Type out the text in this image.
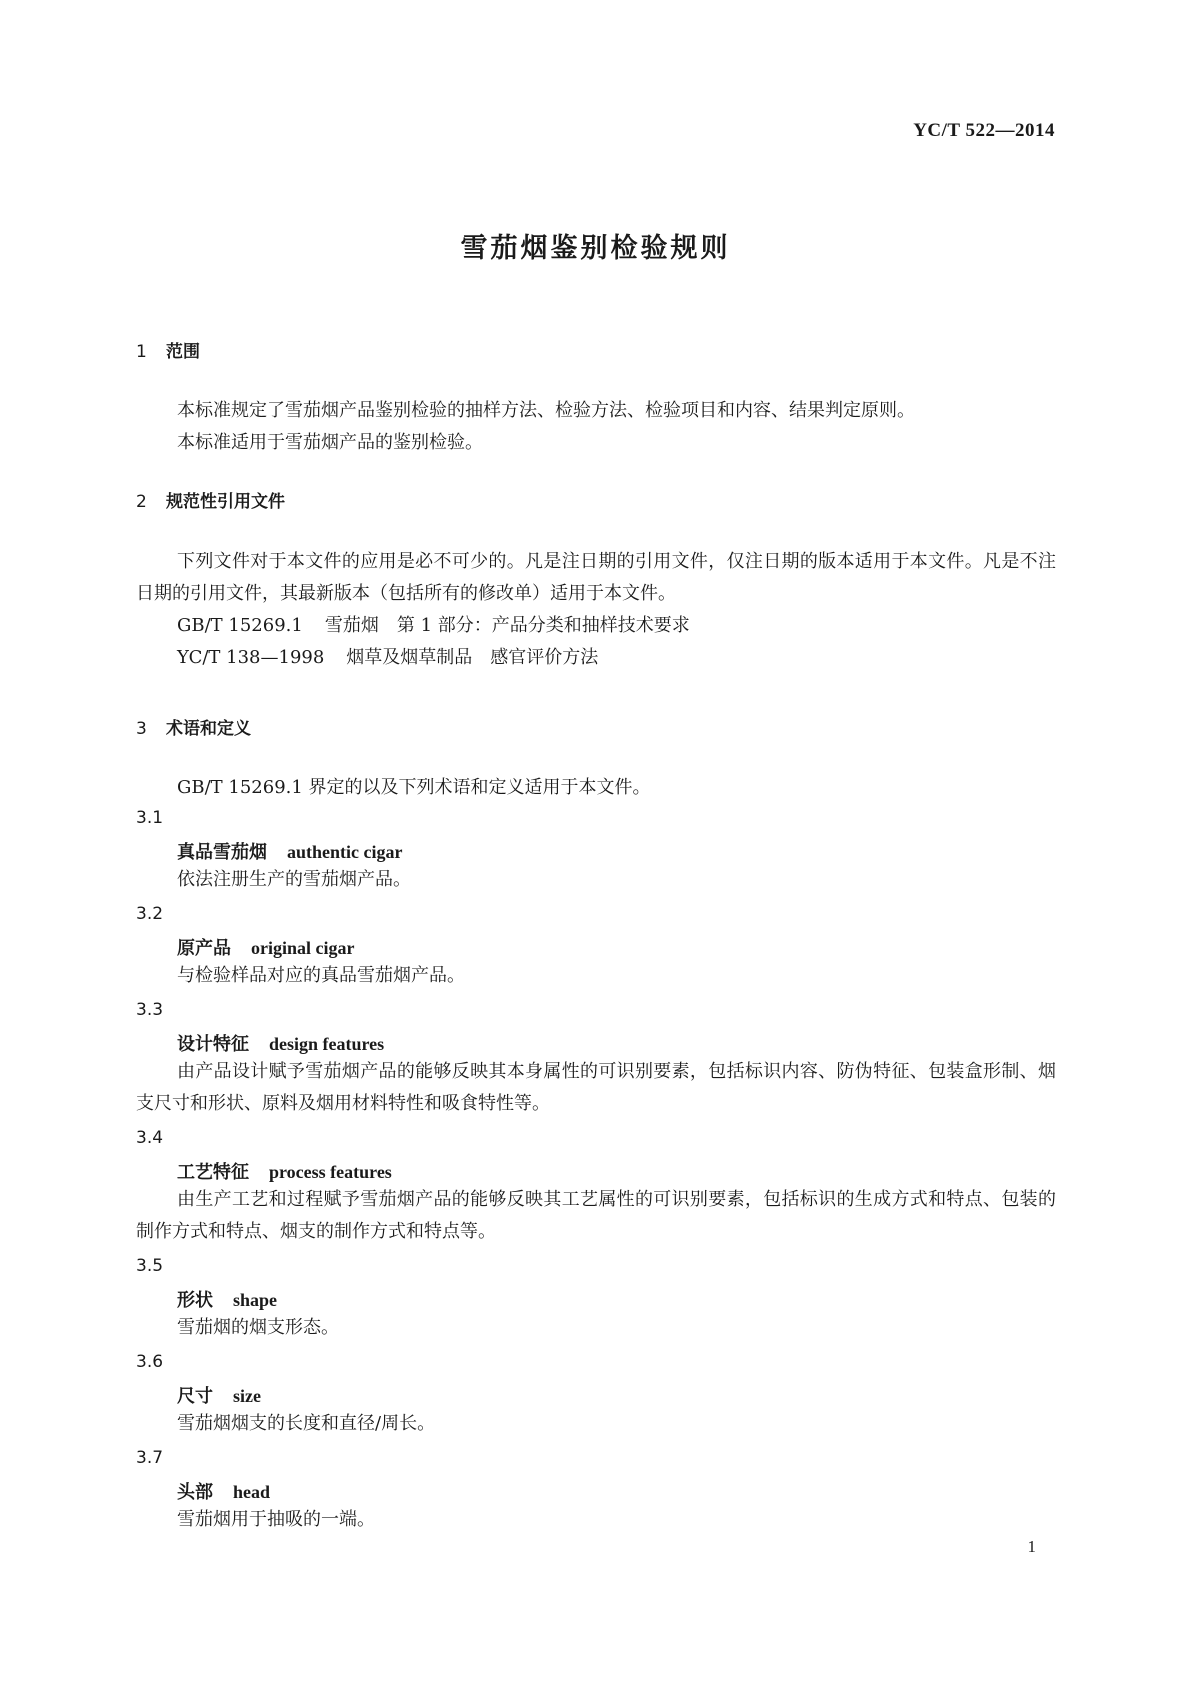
YC/T 522—2014
雪茄烟鉴别检验规则
1 范围
本标准规定了雪茄烟产品鉴别检验的抽样方法、检验方法、检验项目和内容、结果判定原则。
本标准适用于雪茄烟产品的鉴别检验。
2 规范性引用文件
下列文件对于本文件的应用是必不可少的。凡是注日期的引用文件，仅注日期的版本适用于本文件。凡是不注日期的引用文件，其最新版本（包括所有的修改单）适用于本文件。
GB/T 15269.1 雪茄烟　第 1 部分：产品分类和抽样技术要求
YC/T 138—1998 烟草及烟草制品　感官评价方法
3 术语和定义
GB/T 15269.1 界定的以及下列术语和定义适用于本文件。
3.1
真品雪茄烟 authentic cigar
依法注册生产的雪茄烟产品。
3.2
原产品 original cigar
与检验样品对应的真品雪茄烟产品。
3.3
设计特征 design features
由产品设计赋予雪茄烟产品的能够反映其本身属性的可识别要素，包括标识内容、防伪特征、包装盒形制、烟支尺寸和形状、原料及烟用材料特性和吸食特性等。
3.4
工艺特征 process features
由生产工艺和过程赋予雪茄烟产品的能够反映其工艺属性的可识别要素，包括标识的生成方式和特点、包装的制作方式和特点、烟支的制作方式和特点等。
3.5
形状 shape
雪茄烟的烟支形态。
3.6
尺寸 size
雪茄烟烟支的长度和直径/周长。
3.7
头部 head
雪茄烟用于抽吸的一端。
1
